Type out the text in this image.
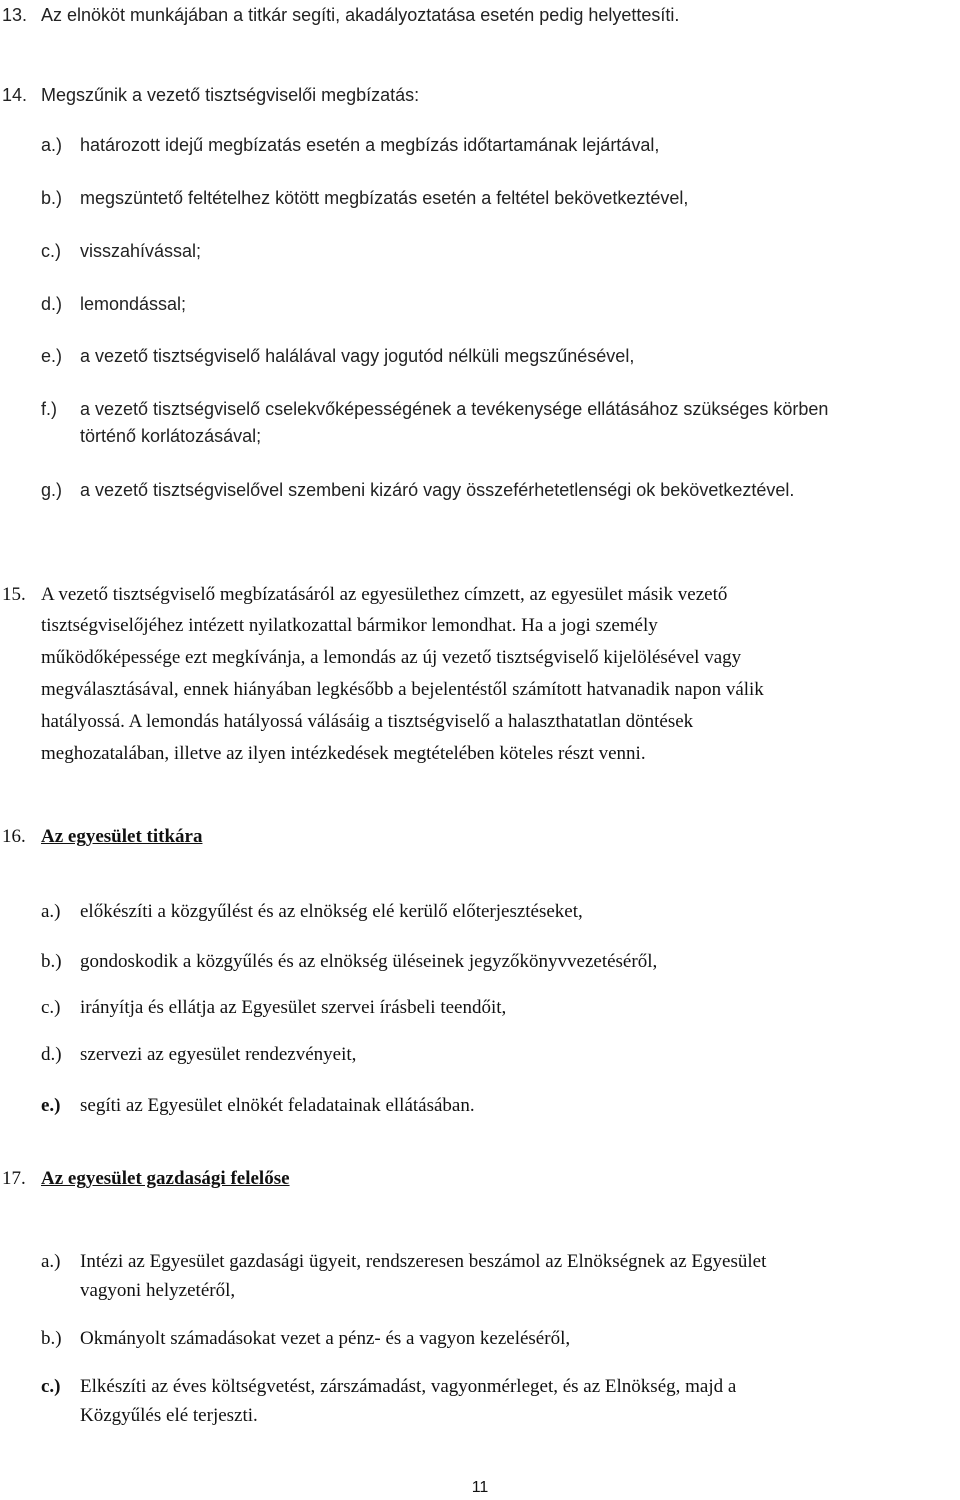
13. Az elnököt munkájában a titkár segíti, akadályoztatása esetén pedig helyettesíti.
14. Megszűnik a vezető tisztségviselői megbízatás:
a.) határozott idejű megbízatás esetén a megbízás időtartamának lejártával,
b.) megszüntető feltételhez kötött megbízatás esetén a feltétel bekövetkeztével,
c.) visszahívással;
d.) lemondással;
e.) a vezető tisztségviselő halálával vagy jogutód nélküli megszűnésével,
f.) a vezető tisztségviselő cselekvőképességének a tevékenysége ellátásához szükséges körben
történő korlátozásával;
g.) a vezető tisztségviselővel szembeni kizáró vagy összeférhetetlenségi ok bekövetkeztével.
15. A vezető tisztségviselő megbízatásáról az egyesülethez címzett, az egyesület másik vezető
tisztségviselőjéhez intézett nyilatkozattal bármikor lemondhat. Ha a jogi személy
működőképessége ezt megkívánja, a lemondás az új vezető tisztségviselő kijelölésével vagy
megválasztásával, ennek hiányában legkésőbb a bejelentéstől számított hatvanadik napon válik
hatályossá. A lemondás hatályossá válásáig a tisztségviselő a halaszthatatlan döntések
meghozatalában, illetve az ilyen intézkedések megtételében köteles részt venni.
16. Az egyesület titkára
a.) előkészíti a közgyűlést és az elnökség elé kerülő előterjesztéseket,
b.) gondoskodik a közgyűlés és az elnökség üléseinek jegyzőkönyvvezetéséről,
c.) irányítja és ellátja az Egyesület szervei írásbeli teendőit,
d.) szervezi az egyesület rendezvényeit,
e.) segíti az Egyesület elnökét feladatainak ellátásában.
17. Az egyesület gazdasági felelőse
a.) Intézi az Egyesület gazdasági ügyeit, rendszeresen beszámol az Elnökségnek az Egyesület
vagyoni helyzetéről,
b.) Okmányolt számadásokat vezet a pénz- és a vagyon kezeléséről,
c.) Elkészíti az éves költségvetést, zárszámadást, vagyonmérleget, és az Elnökség, majd a
Közgyűlés elé terjeszti.
11
